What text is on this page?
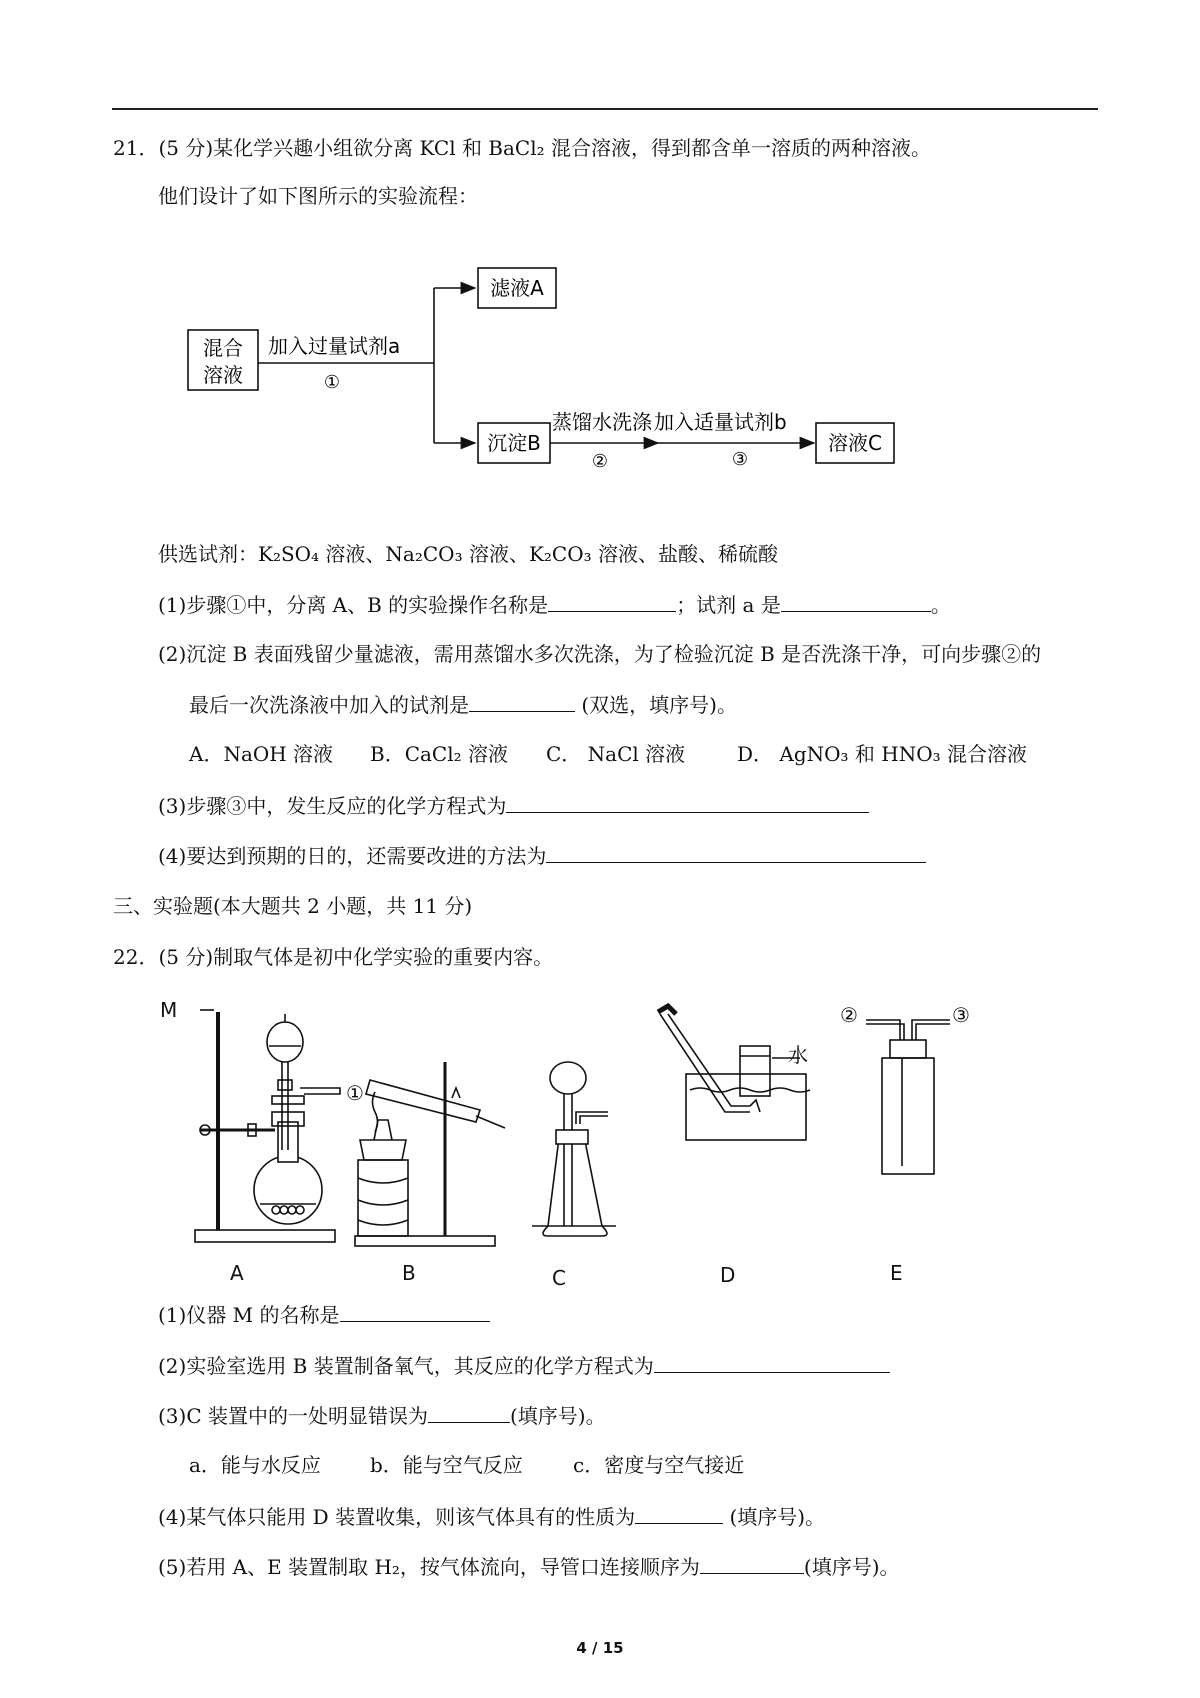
21．(5 分)某化学兴趣小组欲分离 KCl 和 BaCl₂ 混合溶液，得到都含单一溶质的两种溶液。
他们设计了如下图所示的实验流程：
混合
溶液
加入过量试剂a
①
滤液A
沉淀B
蒸馏水洗涤
②
加入适量试剂b
③
溶液C
供选试剂：K₂SO₄ 溶液、Na₂CO₃ 溶液、K₂CO₃ 溶液、盐酸、稀硫酸
(1)步骤①中，分离 A、B 的实验操作名称是	；试剂 a 是	。
(2)沉淀 B 表面残留少量滤液，需用蒸馏水多次洗涤，为了检验沉淀 B 是否洗涤干净，可向步骤②的
最后一次洗涤液中加入的试剂是	(双选，填序号)。
A．NaOH 溶液 B．CaCl₂ 溶液 C． NaCl 溶液	D． AgNO₃ 和 HNO₃ 混合溶液
(3)步骤③中，发生反应的化学方程式为
(4)要达到预期的日的，还需要改进的方法为
三、实验题(本大题共 2 小题，共 11 分)
22．(5 分)制取气体是初中化学实验的重要内容。
M
①
②	③
水
A	B	C	D	E
(1)仪器 M 的名称是
(2)实验室选用 B 装置制备氧气，其反应的化学方程式为
(3)C 装置中的一处明显错误为	(填序号)。
a．能与水反应 b．能与空气反应	c．密度与空气接近
(4)某气体只能用 D 装置收集，则该气体具有的性质为	(填序号)。
(5)若用 A、E 装置制取 H₂，按气体流向，导管口连接顺序为	(填序号)。
4 / 15
